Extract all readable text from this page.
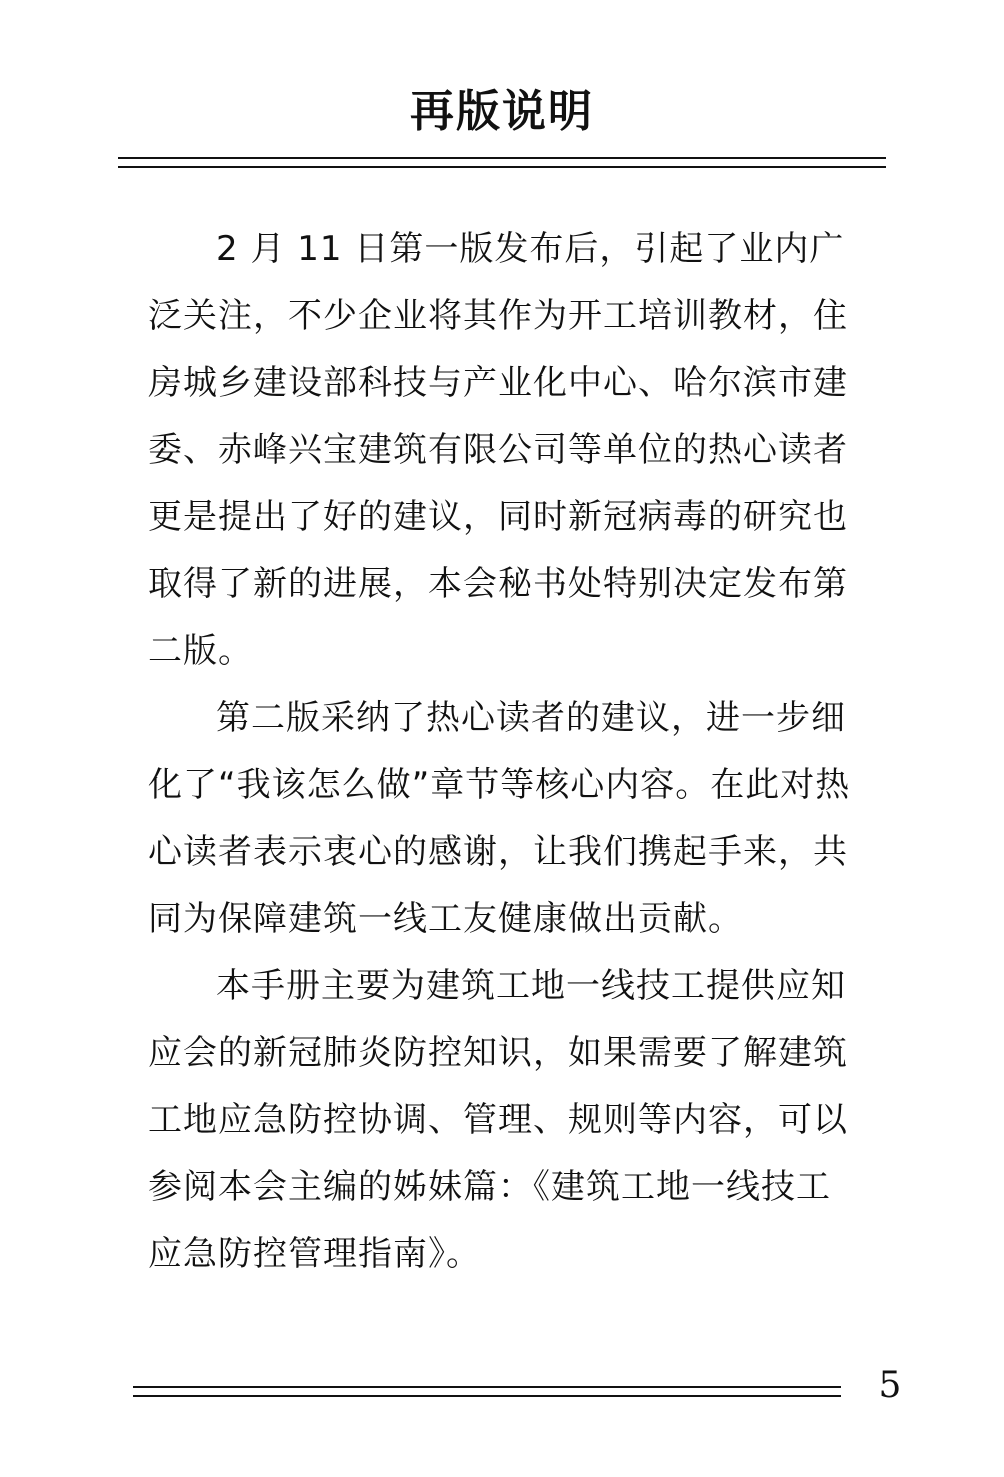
再版说明

2 月 11 日第一版发布后，引起了业内广泛关注，不少企业将其作为开工培训教材，住房城乡建设部科技与产业化中心、哈尔滨市建委、赤峰兴宝建筑有限公司等单位的热心读者更是提出了好的建议，同时新冠病毒的研究也取得了新的进展，本会秘书处特别决定发布第二版。

第二版采纳了热心读者的建议，进一步细化了“我该怎么做”章节等核心内容。在此对热心读者表示衷心的感谢，让我们携起手来，共同为保障建筑一线工友健康做出贡献。

本手册主要为建筑工地一线技工提供应知应会的新冠肺炎防控知识，如果需要了解建筑工地应急防控协调、管理、规则等内容，可以参阅本会主编的姊妹篇：《建筑工地一线技工应急防控管理指南》。

5
